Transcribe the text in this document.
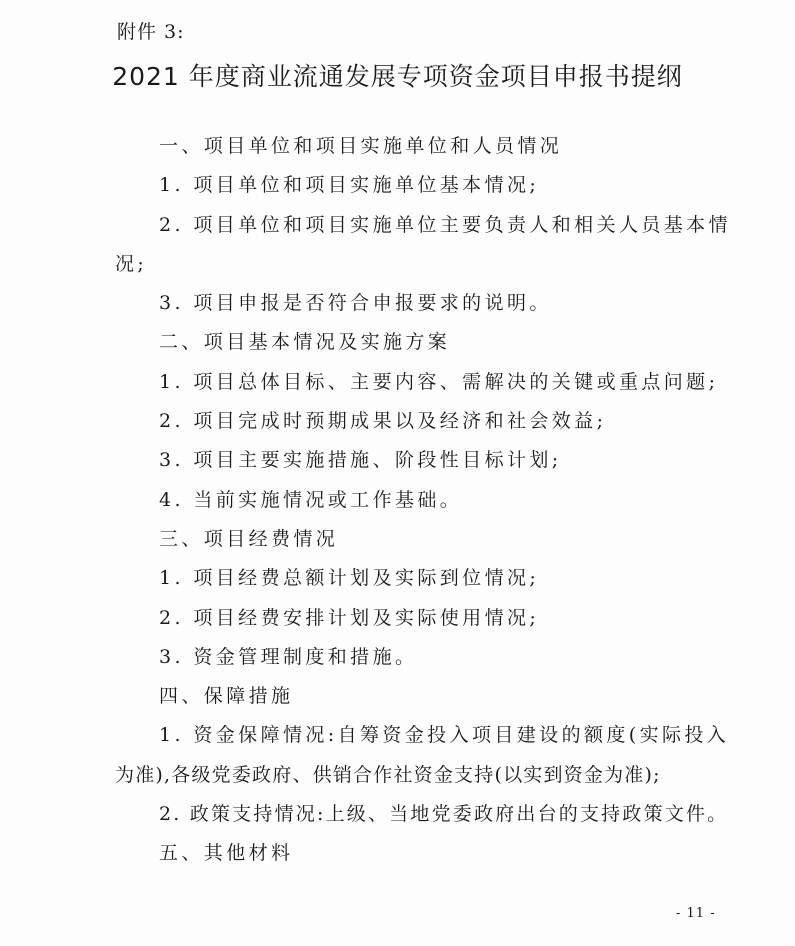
附件 3:
2021 年度商业流通发展专项资金项目申报书提纲
一、项目单位和项目实施单位和人员情况
1. 项目单位和项目实施单位基本情况;
2. 项目单位和项目实施单位主要负责人和相关人员基本情
况;
3. 项目申报是否符合申报要求的说明。
二、项目基本情况及实施方案
1. 项目总体目标、主要内容、需解决的关键或重点问题;
2. 项目完成时预期成果以及经济和社会效益;
3. 项目主要实施措施、阶段性目标计划;
4. 当前实施情况或工作基础。
三、项目经费情况
1. 项目经费总额计划及实际到位情况;
2. 项目经费安排计划及实际使用情况;
3. 资金管理制度和措施。
四、保障措施
1. 资金保障情况:自筹资金投入项目建设的额度(实际投入
为准),各级党委政府、供销合作社资金支持(以实到资金为准);
2. 政策支持情况:上级、当地党委政府出台的支持政策文件。
五、其他材料
- 11 -
